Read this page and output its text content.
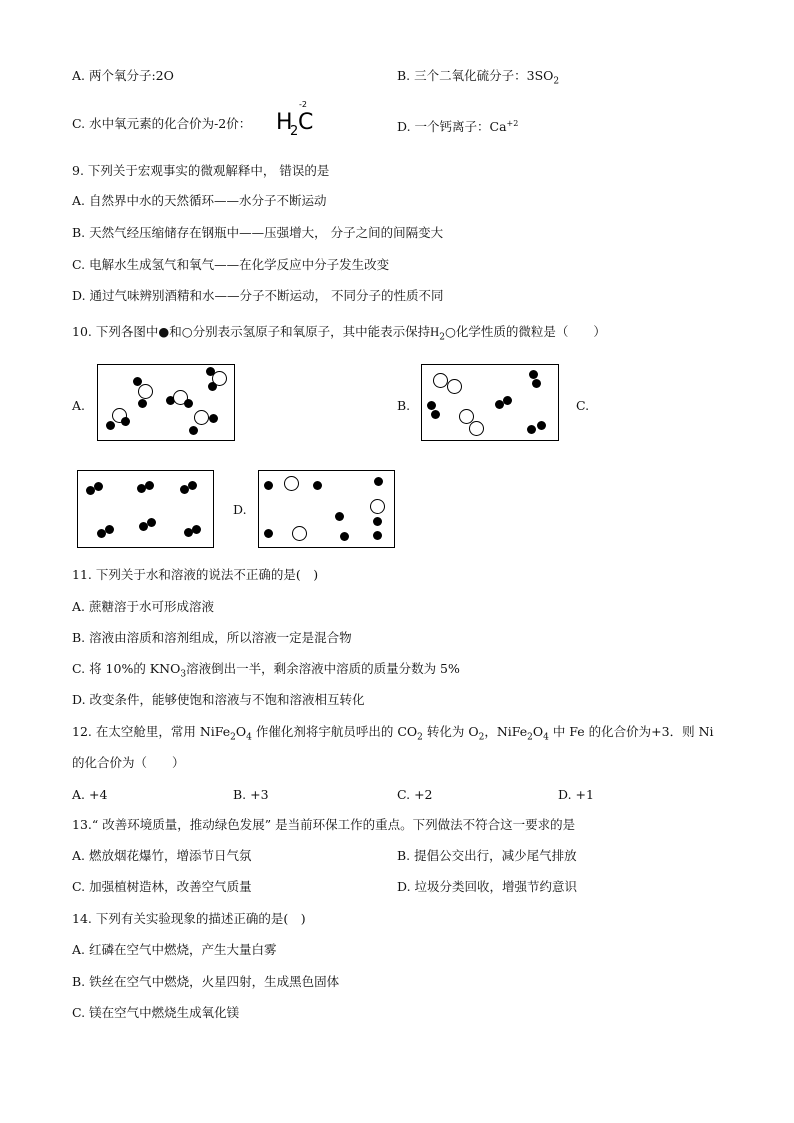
A. 两个氧分子:2O	B. 三个二氧化硫分子：$3SO_2$
C. 水中氧元素的化合价为-2价：
-2
H
2 C	D. 一个钙离子：$Ca^{+2}$
9. 下列关于宏观事实的微观解释中， 错误的是
A. 自然界中水的天然循环——水分子不断运动
B. 天然气经压缩储存在钢瓶中——压强增大， 分子之间的间隔变大
C. 电解水生成氢气和氧气——在化学反应中分子发生改变
D. 通过气味辨别酒精和水——分子不断运动， 不同分子的性质不同
10. 下列各图中●和○分别表示氢原子和氧原子，其中能表示保持$H_2○$化学性质的微粒是（　　）
A.	B.	C.
D.
11. 下列关于水和溶液的说法不正确的是(　)
A. 蔗糖溶于水可形成溶液
B. 溶液由溶质和溶剂组成，所以溶液一定是混合物
C. 将 10%的 $KNO_3$溶液倒出一半，剩余溶液中溶质的质量分数为 5%
D. 改变条件，能够使饱和溶液与不饱和溶液相互转化
12. 在太空舱里，常用 $NiFe_2O_4$ 作催化剂将宇航员呼出的 $CO_2$ 转化为 $O_2$，$NiFe_2O_4$ 中 Fe 的化合价为+3．则 Ni
的化合价为（　　）
A. +4	B. +3	C. +2	D. +1
13.“ 改善环境质量，推动绿色发展” 是当前环保工作的重点。下列做法不符合这一要求的是
A. 燃放烟花爆竹，增添节日气氛	B. 提倡公交出行，减少尾气排放
C. 加强植树造林，改善空气质量	D. 垃圾分类回收，增强节约意识
14. 下列有关实验现象的描述正确的是(　)
A. 红磷在空气中燃烧，产生大量白雾
B. 铁丝在空气中燃烧，火星四射，生成黑色固体
C. 镁在空气中燃烧生成氧化镁
